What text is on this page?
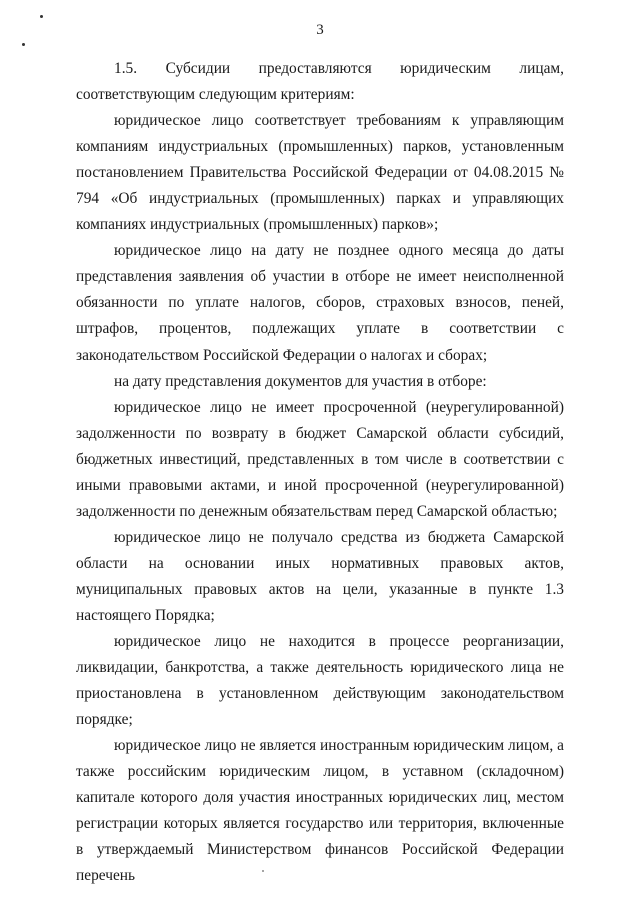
3
1.5. Субсидии предоставляются юридическим лицам,

соответствующим следующим критериям:

юридическое лицо соответствует требованиям к управляющим компаниям индустриальных (промышленных) парков, установленным постановлением Правительства Российской Федерации от 04.08.2015 № 794 «Об индустриальных (промышленных) парках и управляющих компаниях индустриальных (промышленных) парков»;

юридическое лицо на дату не позднее одного месяца до даты представления заявления об участии в отборе не имеет неисполненной обязанности по уплате налогов, сборов, страховых взносов, пеней, штрафов, процентов, подлежащих уплате в соответствии с законодательством Российской Федерации о налогах и сборах;

на дату представления документов для участия в отборе:

юридическое лицо не имеет просроченной (неурегулированной) задолженности по возврату в бюджет Самарской области субсидий, бюджетных инвестиций, представленных в том числе в соответствии с иными правовыми актами, и иной просроченной (неурегулированной) задолженности по денежным обязательствам перед Самарской областью;

юридическое лицо не получало средства из бюджета Самарской области на основании иных нормативных правовых актов, муниципальных правовых актов на цели, указанные в пункте 1.3 настоящего Порядка;

юридическое лицо не находится в процессе реорганизации, ликвидации, банкротства, а также деятельность юридического лица не приостановлена в установленном действующим законодательством порядке;

юридическое лицо не является иностранным юридическим лицом, а также российским юридическим лицом, в уставном (складочном) капитале которого доля участия иностранных юридических лиц, местом регистрации которых является государство или территория, включенные в утверждаемый Министерством финансов Российской Федерации перечень
